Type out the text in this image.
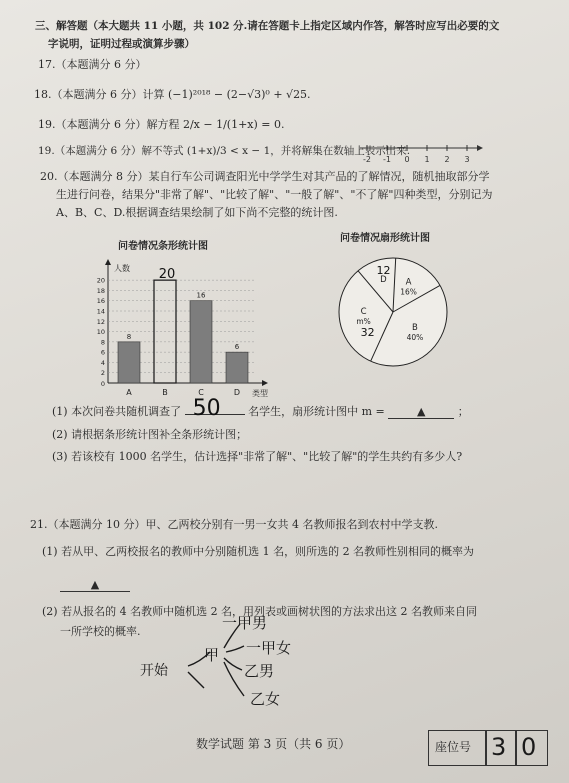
三、解答题（本大题共 11 小题，共 102 分.请在答题卡上指定区域内作答，解答时应写出必要的文
字说明，证明过程或演算步骤）
17.（本题满分 6 分）
18.（本题满分 6 分）计算 (−1)²⁰¹⁸ − (2−√3)⁰ + √25.
19.（本题满分 6 分）解方程 2/x − 1/(1+x) = 0.
19.（本题满分 6 分）解不等式 (1+x)/3 < x − 1，并将解集在数轴上表示出来.
-2 -1 0 1 2 3
20.（本题满分 8 分）某自行车公司调查阳光中学学生对其产品的了解情况，随机抽取部分学
生进行问卷，结果分"非常了解"、"比较了解"、"一般了解"、"不了解"四种类型，分别记为
A、B、C、D.根据调查结果绘制了如下尚不完整的统计图.
问卷情况条形统计图
人数
类型
2
4
6
8
10
12
14
16
18
20
0
8
A	B
20
16
C
6
D
问卷情况扇形统计图
A
16%
B
40%
C
m%
32
D
12
(1) 本次问卷共随机调查了 50	名学生，扇形统计图中 m =	▲	；
(2) 请根据条形统计图补全条形统计图；
(3) 若该校有 1000 名学生，估计选择"非常了解"、"比较了解"的学生共约有多少人?
21.（本题满分 10 分）甲、乙两校分别有一男一女共 4 名教师报名到农村中学支教.
(1) 若从甲、乙两校报名的教师中分别随机选 1 名，则所选的 2 名教师性别相同的概率为
▲
(2) 若从报名的 4 名教师中随机选 2 名，用列表或画树状图的方法求出这 2 名教师来自同
一所学校的概率.	一甲男
开始
甲 一甲女
乙男
乙女
数学试题 第 3 页（共 6 页）	座位号 3 0
